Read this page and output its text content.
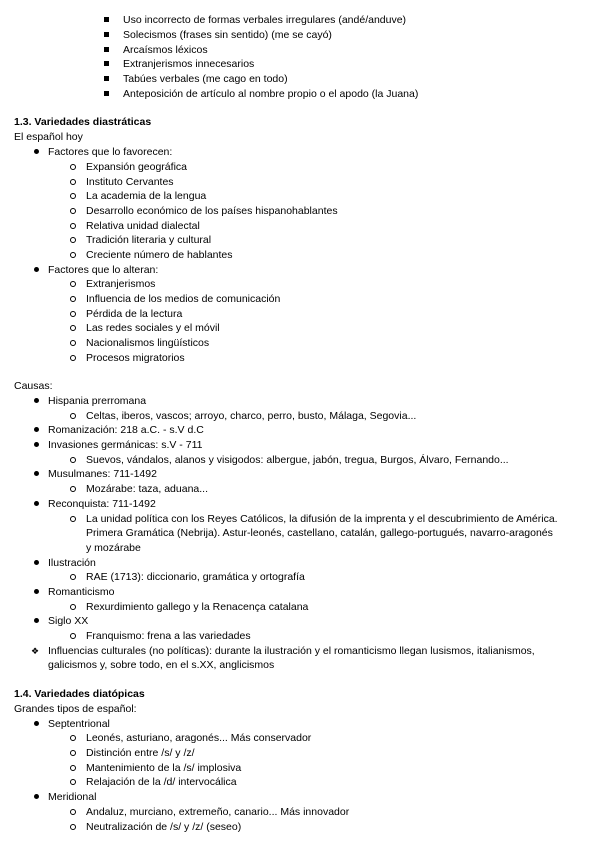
Uso incorrecto de formas verbales irregulares (andé/anduve)
Solecismos (frases sin sentido) (me se cayó)
Arcaísmos léxicos
Extranjerismos innecesarios
Tabúes verbales (me cago en todo)
Anteposición de artículo al nombre propio o el apodo (la Juana)
1.3. Variedades diastráticas
El español hoy
Factores que lo favorecen:
Expansión geográfica
Instituto Cervantes
La academia de la lengua
Desarrollo económico de los países hispanohablantes
Relativa unidad dialectal
Tradición literaria y cultural
Creciente número de hablantes
Factores que lo alteran:
Extranjerismos
Influencia de los medios de comunicación
Pérdida de la lectura
Las redes sociales y el móvil
Nacionalismos lingüísticos
Procesos migratorios
Causas:
Hispania prerromana
Celtas, iberos, vascos; arroyo, charco, perro, busto, Málaga, Segovia...
Romanización: 218 a.C. - s.V d.C
Invasiones germánicas: s.V - 711
Suevos, vándalos, alanos y visigodos: albergue, jabón, tregua, Burgos, Álvaro, Fernando...
Musulmanes: 711-1492
Mozárabe: taza, aduana...
Reconquista: 711-1492
La unidad política con los Reyes Católicos, la difusión de la imprenta y el descubrimiento de América.
Primera Gramática (Nebrija). Astur-leonés, castellano, catalán, gallego-portugués, navarro-aragonés
y mozárabe
Ilustración
RAE (1713): diccionario, gramática y ortografía
Romanticismo
Rexurdimiento gallego y la Renacença catalana
Siglo XX
Franquismo: frena a las variedades
❖ Influencias culturales (no políticas): durante la ilustración y el romanticismo llegan lusismos, italianismos,
galicismos y, sobre todo, en el s.XX, anglicismos
1.4. Variedades diatópicas
Grandes tipos de español:
Septentrional
Leonés, asturiano, aragonés... Más conservador
Distinción entre /s/ y /z/
Mantenimiento de la /s/ implosiva
Relajación de la /d/ intervocálica
Meridional
Andaluz, murciano, extremeño, canario... Más innovador
Neutralización de /s/ y /z/ (seseo)
